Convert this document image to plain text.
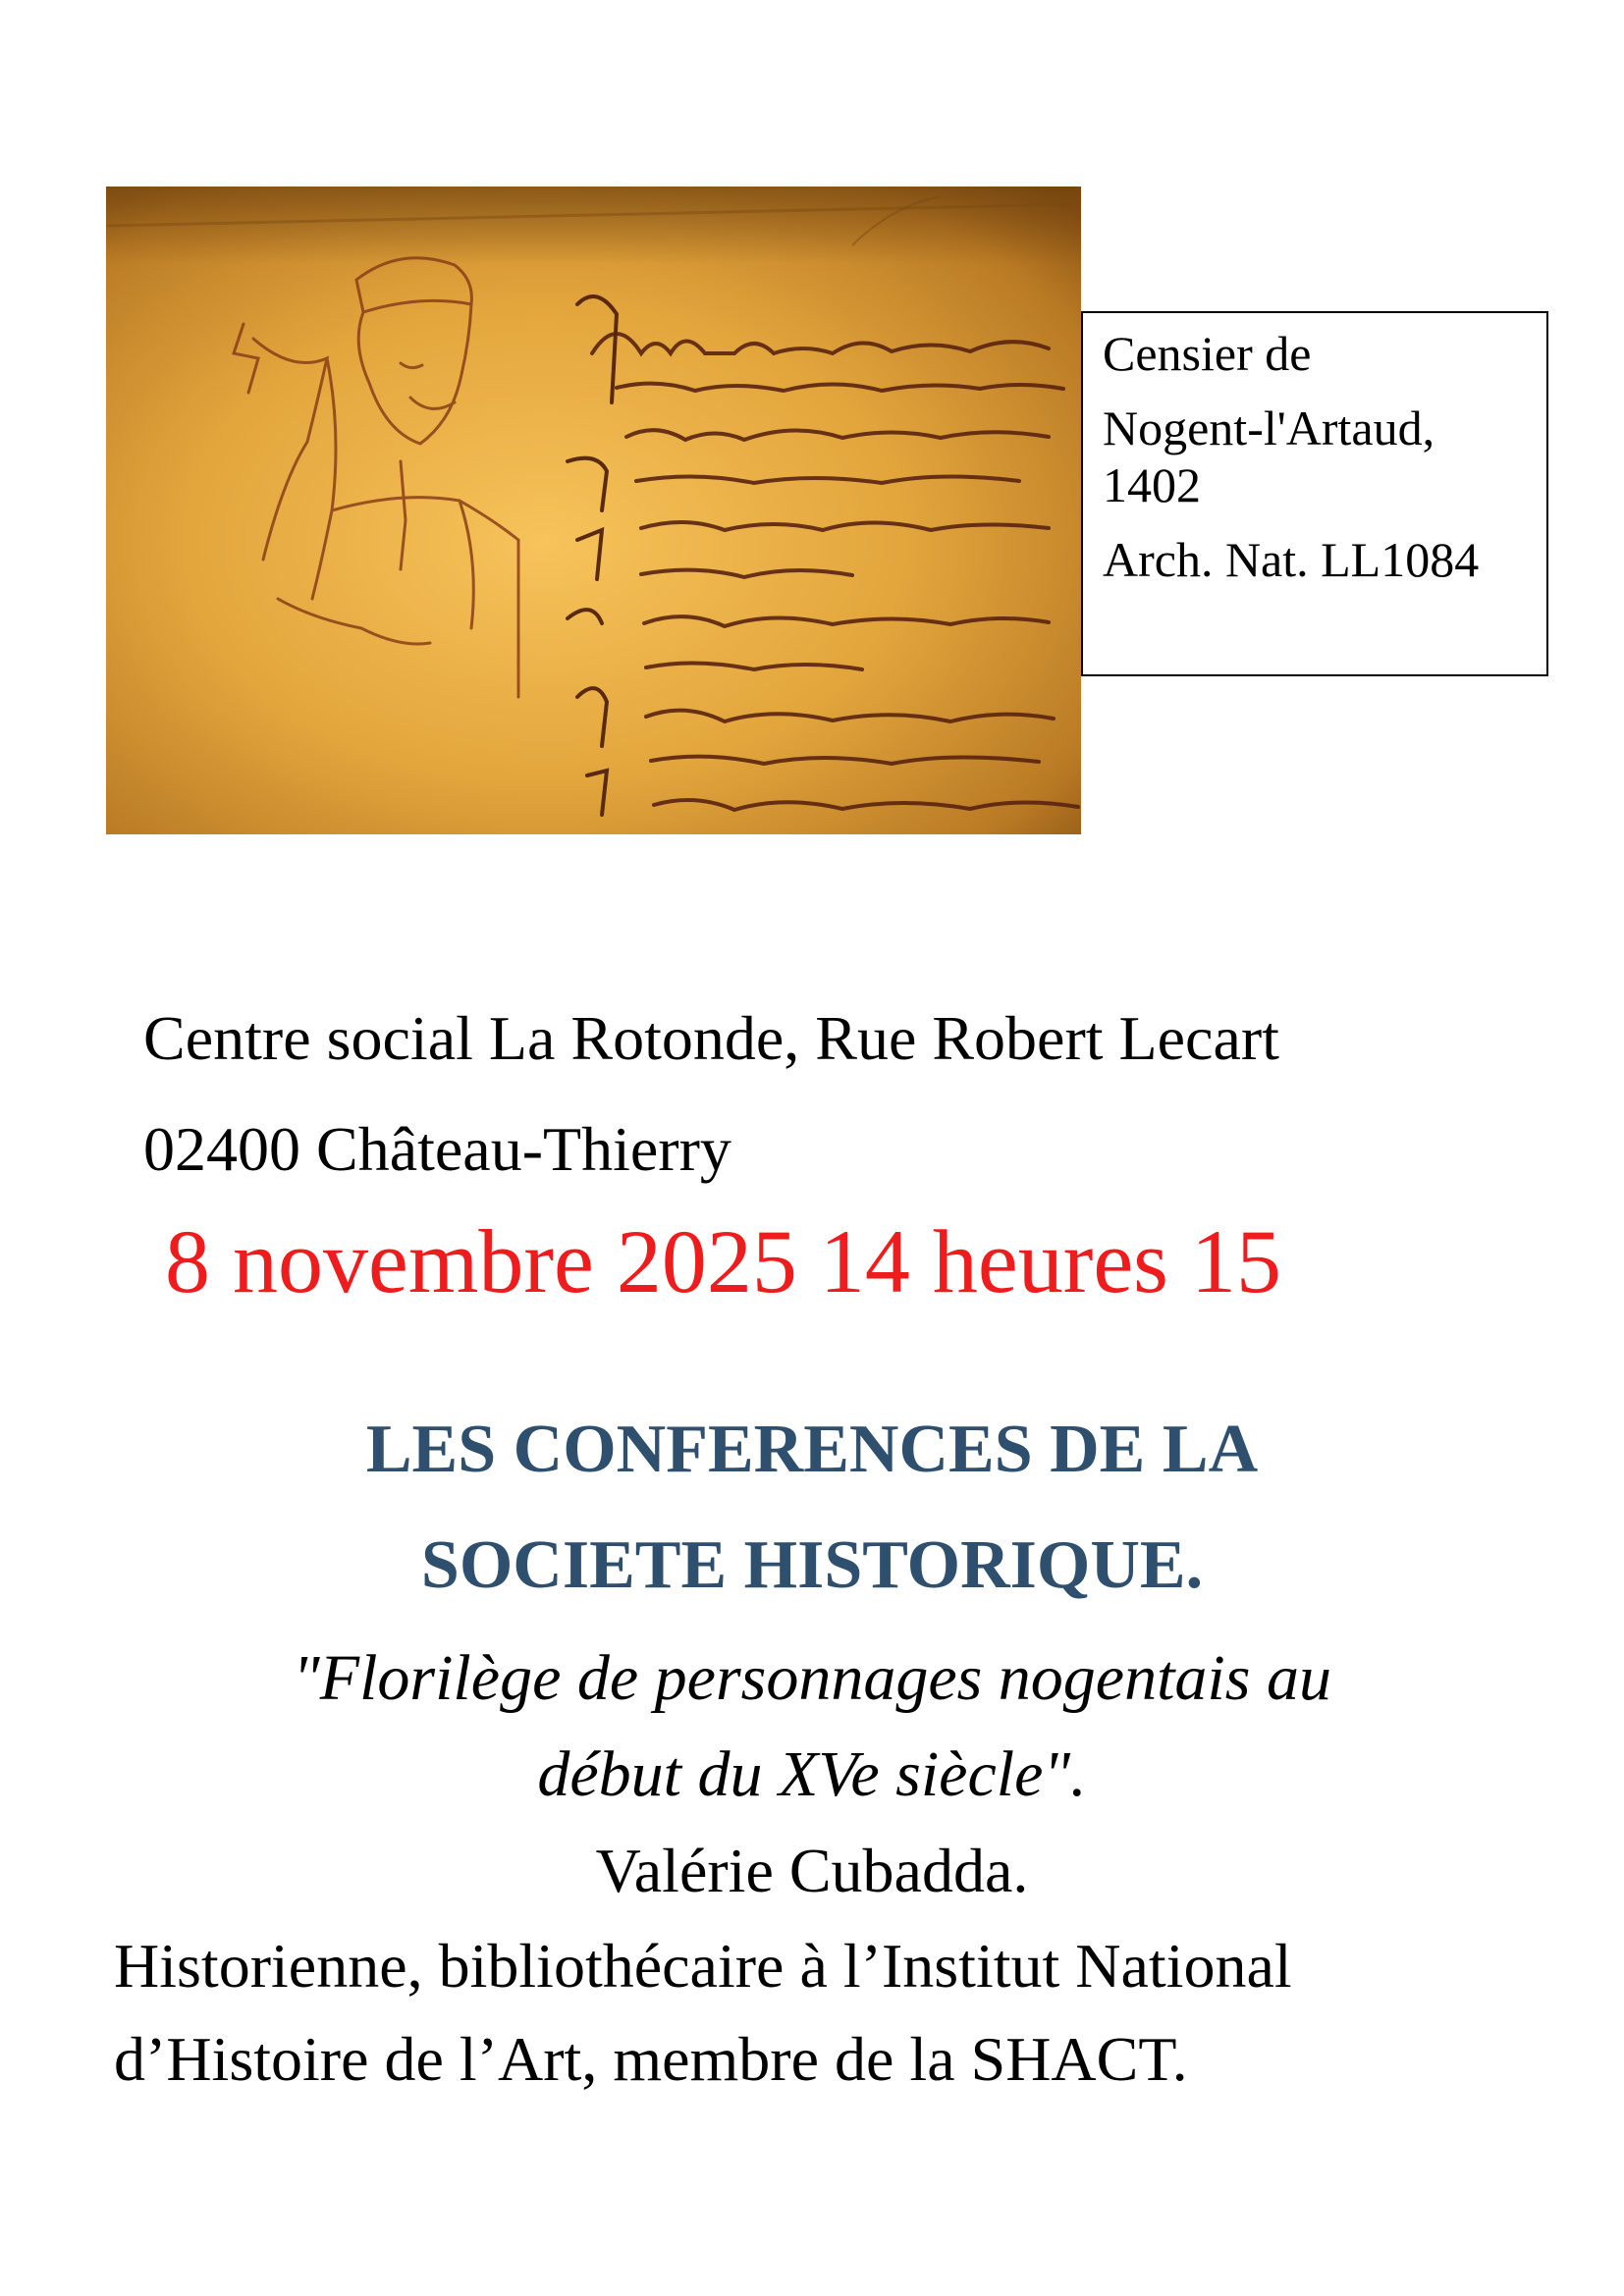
Censier de
Nogent-l'Artaud,
1402
Arch. Nat. LL1084
Centre social La Rotonde, Rue Robert Lecart
02400 Château-Thierry
8 novembre 2025 14 heures 15
LES CONFERENCES DE LA
SOCIETE HISTORIQUE.
"Florilège de personnages nogentais au
début du XVe siècle".
Valérie Cubadda.
Historienne, bibliothécaire à l’Institut National
d’Histoire de l’Art, membre de la SHACT.
